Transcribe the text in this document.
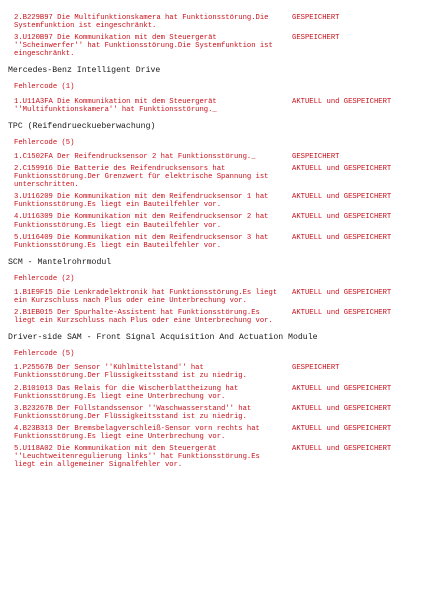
2.B229B97 Die Multifunktionskamera hat Funktionsstörung.Die Systemfunktion ist eingeschränkt.
GESPEICHERT
3.U120B97 Die Kommunikation mit dem Steuergerät ''Scheinwerfer'' hat Funktionsstörung.Die Systemfunktion ist eingeschränkt.
GESPEICHERT
Mercedes-Benz Intelligent Drive
Fehlercode (1)
1.U11A3FA Die Kommunikation mit dem Steuergerät ''Multifunktionskamera'' hat Funktionsstörung._
AKTUELL und GESPEICHERT
TPC (Reifendrueckueberwachung)
Fehlercode (5)
1.C1502FA Der Reifendrucksensor 2 hat Funktionsstörung._	GESPEICHERT
2.C159916 Die Batterie des Reifendrucksensors hat Funktionsstörung.Der Grenzwert für elektrische Spannung ist unterschritten.
AKTUELL und GESPEICHERT
3.U116209 Die Kommunikation mit dem Reifendrucksensor 1 hat Funktionsstörung.Es liegt ein Bauteilfehler vor.
AKTUELL und GESPEICHERT
4.U116309 Die Kommunikation mit dem Reifendrucksensor 2 hat Funktionsstörung.Es liegt ein Bauteilfehler vor.
AKTUELL und GESPEICHERT
5.U116409 Die Kommunikation mit dem Reifendrucksensor 3 hat Funktionsstörung.Es liegt ein Bauteilfehler vor.
AKTUELL und GESPEICHERT
SCM - Mantelrohrmodul
Fehlercode (2)
1.B1E9F15 Die Lenkradelektronik hat Funktionsstörung.Es liegt ein Kurzschluss nach Plus oder eine Unterbrechung vor.
AKTUELL und GESPEICHERT
2.B1EB015 Der Spurhalte-Assistent hat Funktionsstörung.Es liegt ein Kurzschluss nach Plus oder eine Unterbrechung vor.
AKTUELL und GESPEICHERT
Driver-side SAM - Front Signal Acquisition And Actuation Module
Fehlercode (5)
1.P25567B Der Sensor ''Kühlmittelstand'' hat Funktionsstörung.Der Flüssigkeitsstand ist zu niedrig.
GESPEICHERT
2.B101013 Das Relais für die Wischerblattheizung hat Funktionsstörung.Es liegt eine Unterbrechung vor.
AKTUELL und GESPEICHERT
3.B23267B Der Füllstandssensor ''Waschwasserstand'' hat Funktionsstörung.Der Flüssigkeitsstand ist zu niedrig.
AKTUELL und GESPEICHERT
4.B23B313 Der Bremsbelagverschleiß-Sensor vorn rechts hat Funktionsstörung.Es liegt eine Unterbrechung vor.
AKTUELL und GESPEICHERT
5.U118A02 Die Kommunikation mit dem Steuergerät ''Leuchtweitenregulierung links'' hat Funktionsstörung.Es liegt ein allgemeiner Signalfehler vor.
AKTUELL und GESPEICHERT
